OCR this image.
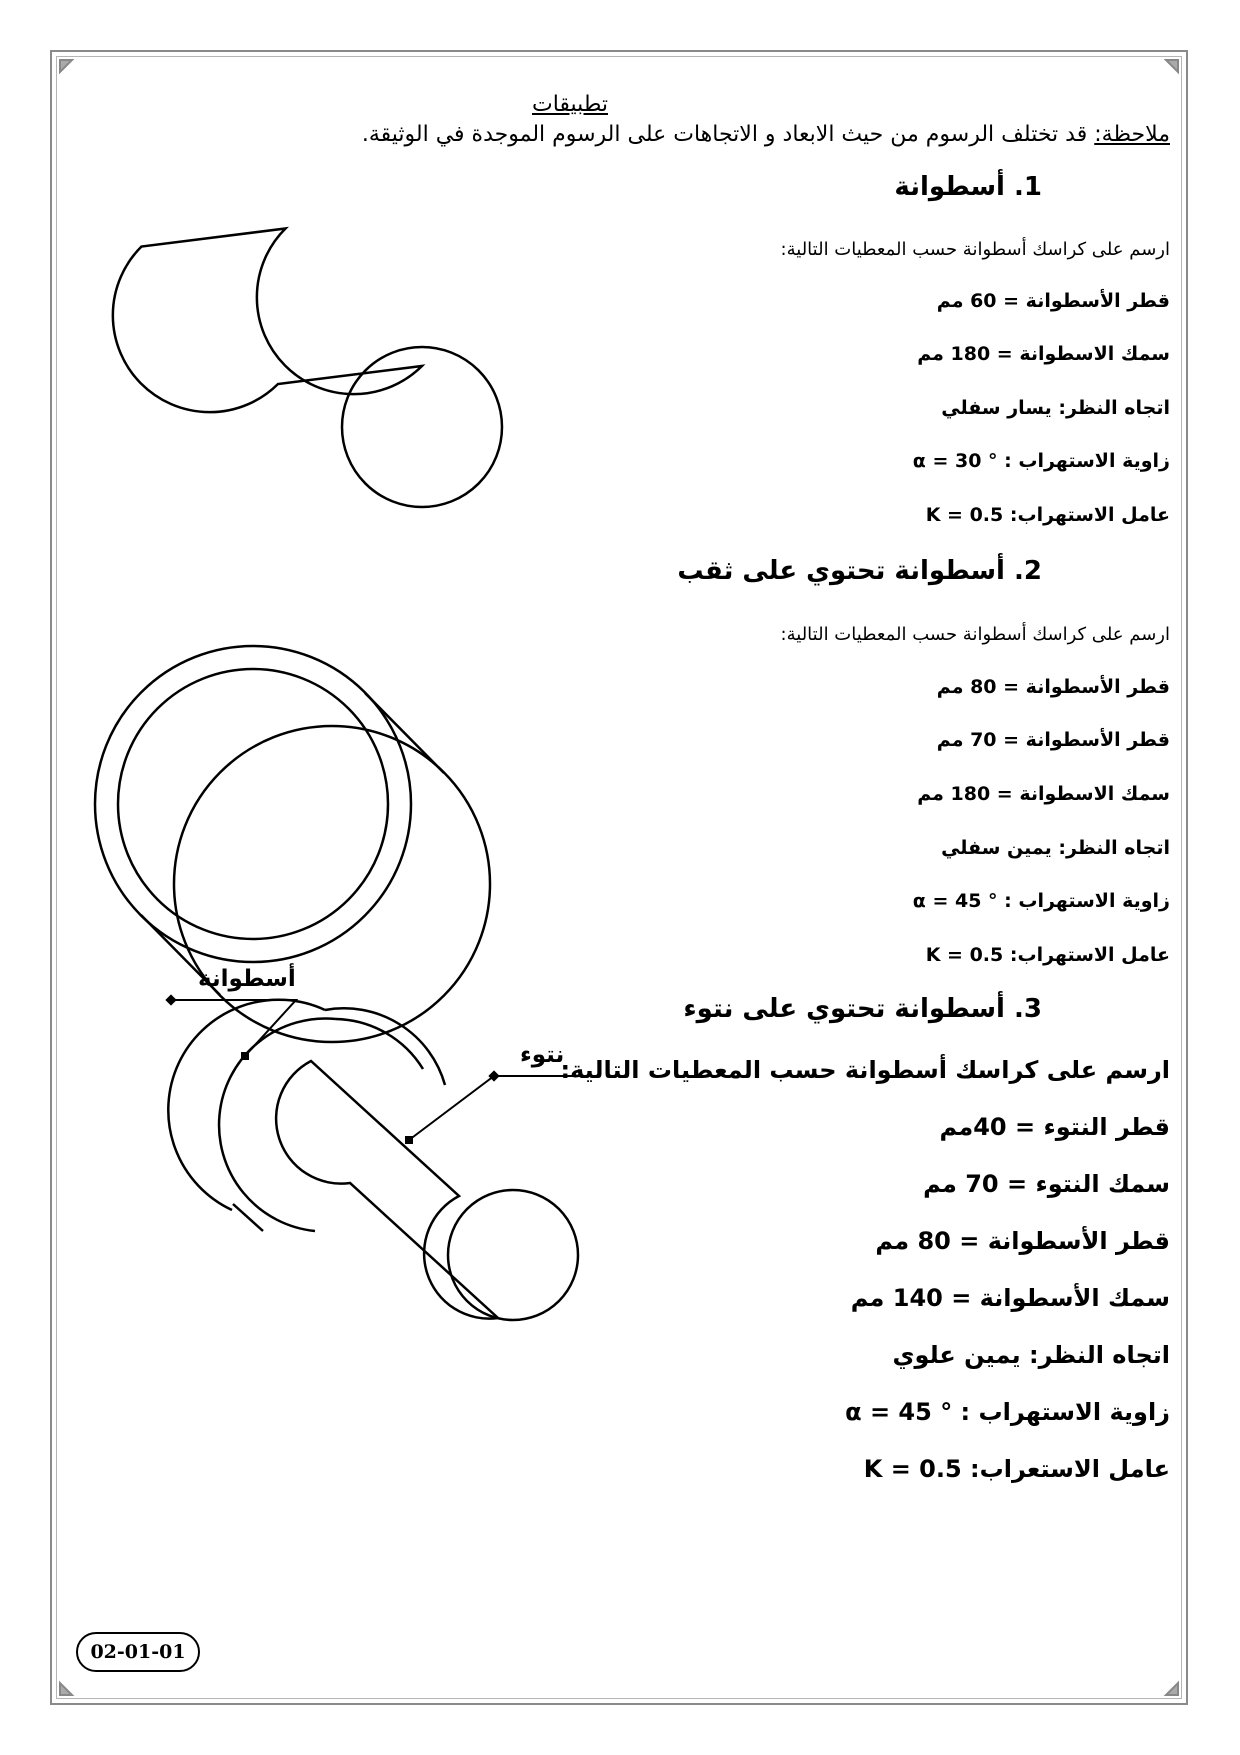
تطبيقات
ملاحظة: قد تختلف الرسوم من حيث الابعاد و الاتجاهات على الرسوم الموجدة في الوثيقة.
1. أسطوانة
ارسم على كراسك أسطوانة حسب المعطيات التالية:
قطر الأسطوانة = 60 مم
سمك الاسطوانة = 180 مم
اتجاه النظر: يسار سفلي
زاوية الاستهراب : α = 30 °
عامل الاستهراب: K = 0.5
2. أسطوانة تحتوي على ثقب
ارسم على كراسك أسطوانة حسب المعطيات التالية:
قطر الأسطوانة = 80 مم
قطر الأسطوانة = 70 مم
سمك الاسطوانة = 180 مم
اتجاه النظر: يمين سفلي
زاوية الاستهراب : α = 45 °
عامل الاستهراب: K = 0.5
3. أسطوانة تحتوي على نتوء
ارسم على كراسك أسطوانة حسب المعطيات التالية:
قطر النتوء = 40مم
سمك النتوء = 70 مم
قطر الأسطوانة = 80 مم
سمك الأسطوانة = 140 مم
اتجاه النظر: يمين علوي
زاوية الاستهراب : α = 45 °
عامل الاستعراب: K = 0.5
أسطوانة
نتوء
02-01-01
